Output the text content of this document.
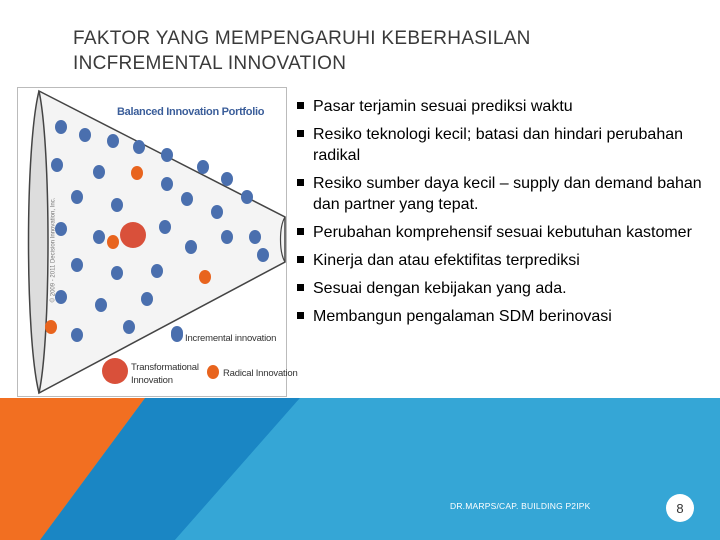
FAKTOR YANG MEMPENGARUHI KEBERHASILAN
INCFREMENTAL INNOVATION
DR.MARPS/CAP. BUILDING P2IPK	8
Balanced Innovation Portfolio
© 2009 - 2011 Decision Innovation, Inc.
Incremental innovation
Transformational
Innovation
Radical Innovation
Pasar terjamin sesuai prediksi waktu
Resiko teknologi kecil; batasi dan hindari perubahan radikal
Resiko sumber daya kecil – supply dan demand bahan dan partner yang tepat.
Perubahan komprehensif sesuai kebutuhan kastomer
Kinerja dan atau efektifitas terprediksi
Sesuai dengan kebijakan yang ada.
Membangun pengalaman SDM berinovasi
